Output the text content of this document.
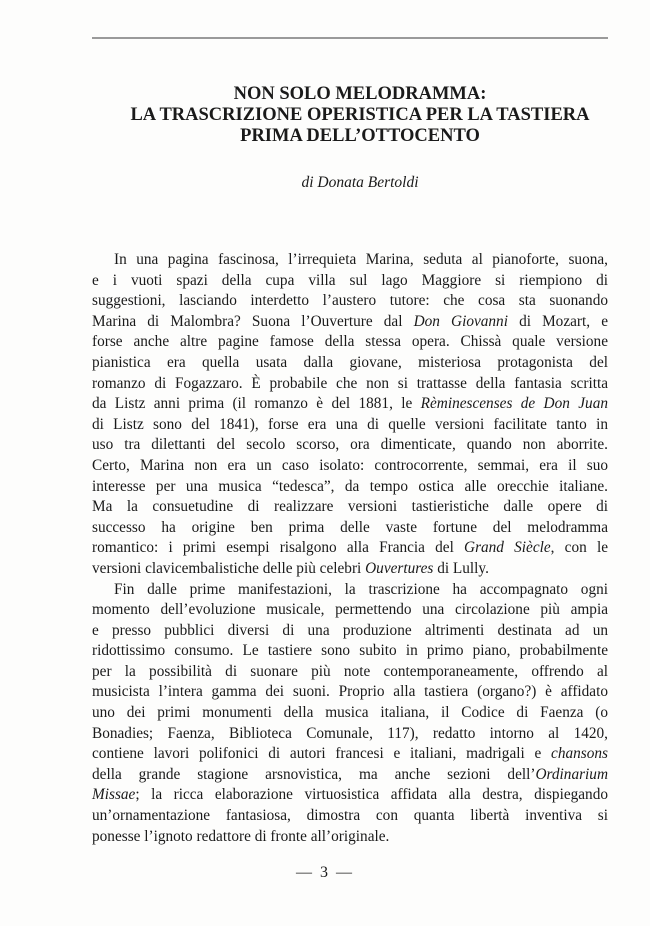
NON SOLO MELODRAMMA:
LA TRASCRIZIONE OPERISTICA PER LA TASTIERA
PRIMA DELL’OTTOCENTO
di Donata Bertoldi
In una pagina fascinosa, l’irrequieta Marina, seduta al pianoforte, suona,
e i vuoti spazi della cupa villa sul lago Maggiore si riempiono di
suggestioni, lasciando interdetto l’austero tutore: che cosa sta suonando
Marina di Malombra? Suona l’Ouverture dal Don Giovanni di Mozart, e
forse anche altre pagine famose della stessa opera. Chissà quale versione
pianistica era quella usata dalla giovane, misteriosa protagonista del
romanzo di Fogazzaro. È probabile che non si trattasse della fantasia scritta
da Listz anni prima (il romanzo è del 1881, le Rèminescenses de Don Juan
di Listz sono del 1841), forse era una di quelle versioni facilitate tanto in
uso tra dilettanti del secolo scorso, ora dimenticate, quando non aborrite.
Certo, Marina non era un caso isolato: controcorrente, semmai, era il suo
interesse per una musica “tedesca”, da tempo ostica alle orecchie italiane.
Ma la consuetudine di realizzare versioni tastieristiche dalle opere di
successo ha origine ben prima delle vaste fortune del melodramma
romantico: i primi esempi risalgono alla Francia del Grand Siècle, con le
versioni clavicembalistiche delle più celebri Ouvertures di Lully.
Fin dalle prime manifestazioni, la trascrizione ha accompagnato ogni
momento dell’evoluzione musicale, permettendo una circolazione più ampia
e presso pubblici diversi di una produzione altrimenti destinata ad un
ridottissimo consumo. Le tastiere sono subito in primo piano, probabilmente
per la possibilità di suonare più note contemporaneamente, offrendo al
musicista l’intera gamma dei suoni. Proprio alla tastiera (organo?) è affidato
uno dei primi monumenti della musica italiana, il Codice di Faenza (o
Bonadies; Faenza, Biblioteca Comunale, 117), redatto intorno al 1420,
contiene lavori polifonici di autori francesi e italiani, madrigali e chansons
della grande stagione arsnovistica, ma anche sezioni dell’Ordinarium
Missae; la ricca elaborazione virtuosistica affidata alla destra, dispiegando
un’ornamentazione fantasiosa, dimostra con quanta libertà inventiva si
ponesse l’ignoto redattore di fronte all’originale.
— 3 —
